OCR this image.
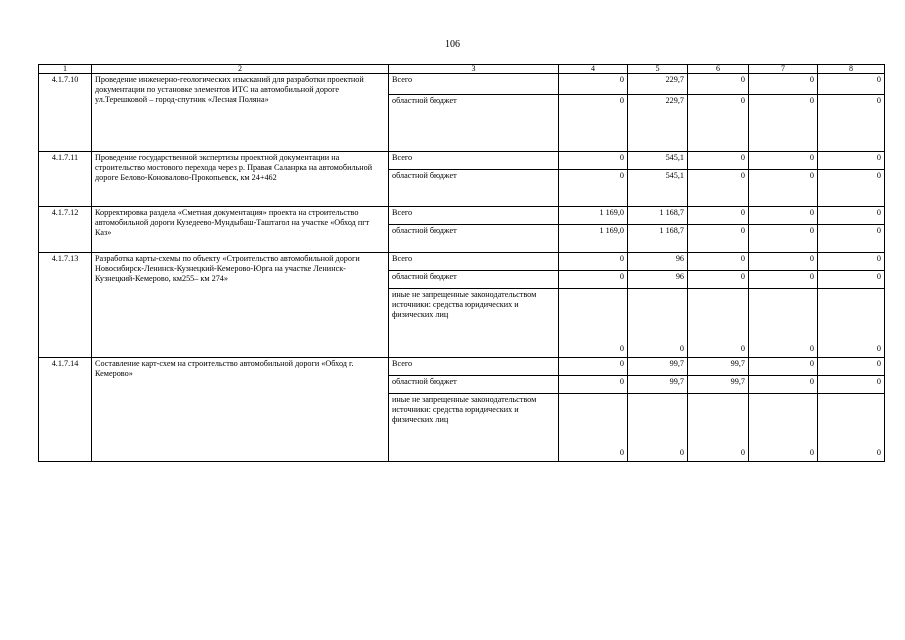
106
1	2	3	4	5	6	7	8
4.1.7.10	Проведение инженерно-геологических изысканий для разработки проектной документации по установке элементов ИТС на автомобильной дороге ул.Терешковой – город-спутник «Лесная Поляна»	Всего	0	229,7	0	0	0
		областной бюджет	0	229,7	0	0	0
4.1.7.11	Проведение государственной экспертизы проектной документации на строительство мостового перехода через р. Правая Саланрка на автомобильной дороге Белово-Коновалово-Прокопьевск, км 24+462	Всего	0	545,1	0	0	0
		областной бюджет	0	545,1	0	0	0
4.1.7.12	Корректировка раздела «Сметная документация» проекта на строительство автомобильной дороги Кузедеево-Мундыбаш-Таштагол на участке «Обход пгт Каз»	Всего	1 169,0	1 168,7	0	0	0
		областной бюджет	1 169,0	1 168,7	0	0	0
4.1.7.13	Разработка карты-схемы по объекту «Строительство автомобильной дороги Новосибирск-Ленинск-Кузнецкий-Кемерово-Юрга на участке Ленинск-Кузнецкий-Кемерово, км255– км 274»	Всего	0	96	0	0	0
		областной бюджет	0	96	0	0	0
		иные не запрещенные законодательством источники: средства юридических и физических лиц	0	0	0	0	0
4.1.7.14	Составление карт-схем на строительство автомобильной дороги «Обход г. Кемерово»	Всего	0	99,7	99,7	0	0
		областной бюджет	0	99,7	99,7	0	0
		иные не запрещенные законодательством источники: средства юридических и физических лиц	0	0	0	0	0
